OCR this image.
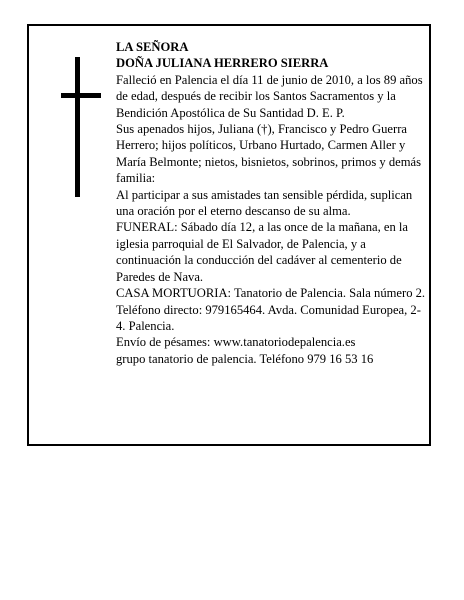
LA SEÑORA

DOÑA JULIANA HERRERO SIERRA

Falleció en Palencia el día 11 de junio de 2010, a los 89 años de edad, después de recibir los Santos Sacramentos y la Bendición Apostólica de Su Santidad D. E. P.

Sus apenados hijos, Juliana (†), Francisco y Pedro Guerra Herrero; hijos políticos, Urbano Hurtado, Carmen Aller y María Belmonte; nietos, bisnietos, sobrinos, primos y demás familia:

Al participar a sus amistades tan sensible pérdida, suplican una oración por el eterno descanso de su alma.

FUNERAL: Sábado día 12, a las once de la mañana, en la iglesia parroquial de El Salvador, de Palencia, y a continuación la conducción del cadáver al cementerio de Paredes de Nava.

CASA MORTUORIA: Tanatorio de Palencia. Sala número 2. Teléfono directo: 979165464. Avda. Comunidad Europea, 2-4. Palencia.

Envío de pésames: www.tanatoriodepalencia.es

grupo tanatorio de palencia. Teléfono 979 16 53 16
